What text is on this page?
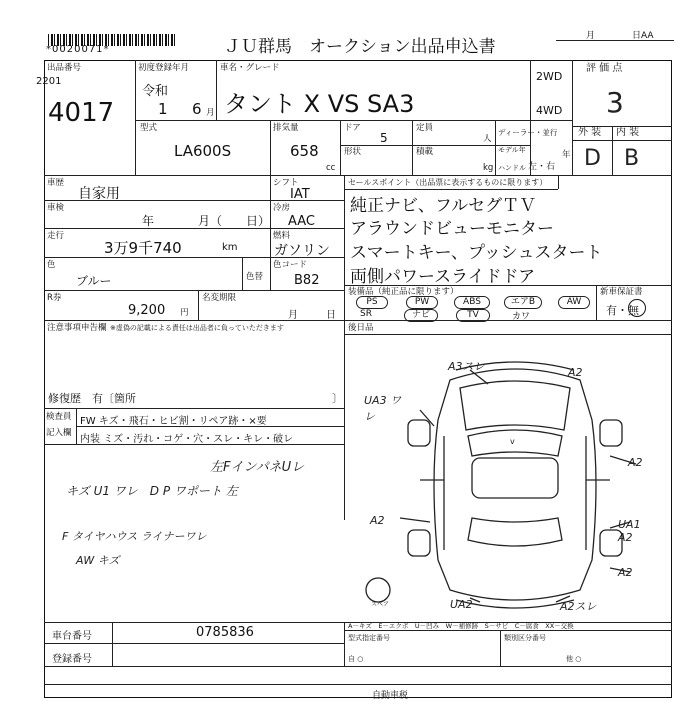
*0020071*	ＪＵ群馬　オークション出品申込書
月	日AA
2201
出品番号
4017
初度登録年月
令和
1 6 月
車名・グレード
タント X VS SA3
2WD
4WD
評 価 点
3
型式
LA600S
排気量
658
cc
ドア
5
形状
定員
人
積載
kg
ディーラー・並行
モデル年	年
ハンドル 左・右
外 装 内 装
D B
車歴
自家用
車検
年	月（ 日）
走行
3万9千740	km
色
ブルー	色替
色コード
B82
シフト
IAT
冷房
AAC
燃料
ガソリン
R券
9,200 円
名変期限
月	日
セールスポイント（出品票に表示するものに限ります）
純正ナビ、フルセグＴＶ
アラウンドビューモニター
スマートキー、プッシュスタート
両側パワースライドドア
装備品（純正品に限ります）
PS	PW	ABS	エアB	AW
SR	ナビ	TV	カワ
新車保証書
有・無
後日品
注意事項申告欄 ※虚偽の記載による責任は出品者に負っていただきます
修復歴　有〔箇所	〕
検査員
記入欄
FW キズ・飛石・ヒビ割・リペア跡・×要
内装 ミズ・汚れ・コゲ・穴・スレ・キレ・破レ
左FインパネUレ
キズ U1 ワレ　D P ワポート 左
F タイヤハウス ライナーワレ
AW キズ
v
スペア
A3スレ	A2
UA3 ワレ
A2
A2	UA1 A2
A2
UA2	A2スレ
A－キズ　E－エクボ　U－凹み　W－補修跡　S－サビ　C－腐食　XX－交換
車台番号	0785836
登録番号
型式指定番号	類別区分番号
自 ○	他 ○
自動車税
